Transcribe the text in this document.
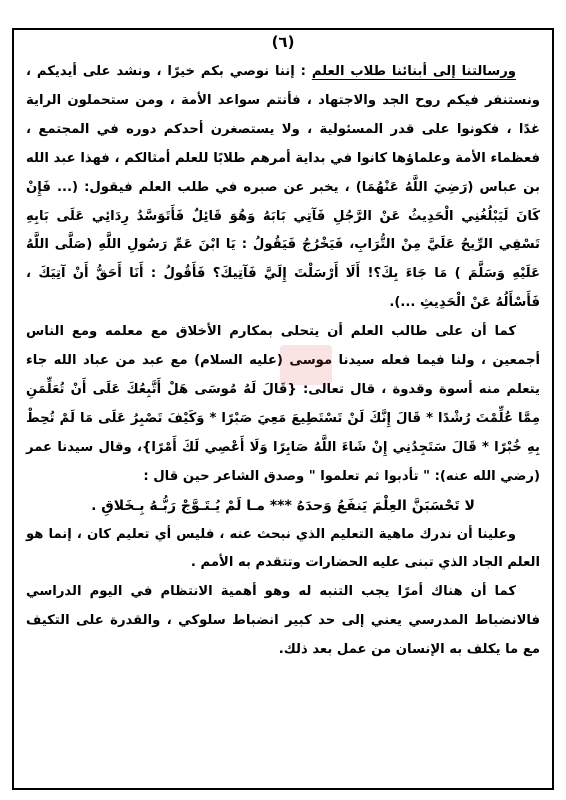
(٦)

ورسالتنا إلى أبنائنا طلاب العلم : إننا نوصي بكم خيرًا ، ونشد على أيديكم ، ونستنفر فيكم روح الجد والاجتهاد ، فأنتم سواعد الأمة ، ومن ستحملون الراية غدًا ، فكونوا على قدر المسئولية ، ولا يستصغرن أحدكم دوره في المجتمع ، فعظماء الأمة وعلماؤها كانوا في بداية أمرهم طلابًا للعلم أمثالكم ، فهذا عبد الله بن عباس (رَضِيَ اللَّهُ عَنْهُمَا) ، يخبر عن صبره في طلب العلم فيقول: (... فَإِنْ كَانَ لَيَبْلُغُنِي الْحَدِيثُ عَنْ الرَّجُلِ فَآتِي بَابَهُ وَهُوَ قَائِلٌ فَأَتَوَسَّدُ رِدَائِي عَلَى بَابِهِ تَسْفِي الرِّيحُ عَلَيَّ مِنْ التُّرَابِ، فَيَخْرُجُ فَيَقُولُ : يَا ابْنَ عَمِّ رَسُولِ اللَّهِ (صَلَّى اللَّهُ عَلَيْهِ وَسَلَّمَ ) مَا جَاءَ بِكَ؟! أَلَا أَرْسَلْتَ إِلَيَّ فَآتِيكَ؟ فَأَقُولُ : أَنَا أَحَقُّ أَنْ آتِيَكَ ، فَأَسْأَلُهُ عَنْ الْحَدِيثِ ...).

كما أن على طالب العلم أن يتحلى بمكارم الأخلاق مع معلمه ومع الناس أجمعين ، ولنا فيما فعله سيدنا موسى (عليه السلام) مع عبد من عباد الله جاء يتعلم منه أسوة وقدوة ، قال تعالى: {قَالَ لَهُ مُوسَى هَلْ أَتَّبِعُكَ عَلَى أَنْ تُعَلِّمَنِ مِمَّا عُلِّمْتَ رُشْدًا * قَالَ إِنَّكَ لَنْ تَسْتَطِيعَ مَعِيَ صَبْرًا * وَكَيْفَ تَصْبِرُ عَلَى مَا لَمْ تُحِطْ بِهِ خُبْرًا * قَالَ سَتَجِدُنِي إِنْ شَاءَ اللَّهُ صَابِرًا وَلَا أَعْصِي لَكَ أَمْرًا}، وقال سيدنا عمر (رضي الله عنه): " تأدبوا ثم تعلموا " وصدق الشاعر حين قال :

لا تَحْسَبَنَّ العِلْمَ يَنفَعُ وَحدَهُ *** مـا لَمْ يُـتَـوَّجْ رَبُّـهُ بِـخَلاقِ .

وعلينا أن ندرك ماهية التعليم الذي نبحث عنه ، فليس أي تعليم كان ، إنما هو العلم الجاد الذي تبنى عليه الحضارات وتتقدم به الأمم .

كما أن هناك أمرًا يجب التنبه له وهو أهمية الانتظام في اليوم الدراسي فالانضباط المدرسي يعني إلى حد كبير انضباط سلوكي ، والقدرة على التكيف مع ما يكلف به الإنسان من عمل بعد ذلك.
